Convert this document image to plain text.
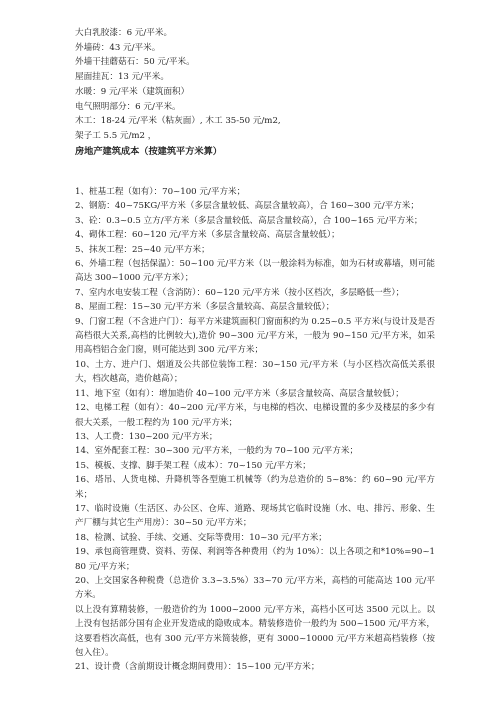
大白乳胶漆：6 元/平米。
外墙砖：43 元/平米。
外墙干挂蘑菇石：50 元/平米。
屋面挂瓦：13 元/平米。
水暖：9 元/平米（建筑面积）
电气照明部分：6 元/平米。
木工：18-24 元/平米（粘灰面）, 木工 35-50 元/m2,
架子工 5.5 元/m2 ，
房地产建筑成本（按建筑平方米算）
1、桩基工程（如有）：70~100 元/平方米；
2、钢筋：40~75KG/平方米（多层含量较低、高层含量较高），合 160~300 元/平方米；
3、砼：0.3~0.5 立方/平方米（多层含量较低、高层含量较高），合 100~165 元/平方米；
4、砌体工程：60~120 元/平方米（多层含量较高、高层含量较低）；
5、抹灰工程：25~40 元/平方米；
6、外墙工程（包括保温）：50~100 元/平方米（以一般涂料为标准，如为石材或幕墙，则可能高达 300~1000 元/平方米）；
7、室内水电安装工程（含消防）：60~120 元/平方米（按小区档次，多层略低一些）；
8、屋面工程：15~30 元/平方米（多层含量较高、高层含量较低）；
9、门窗工程（不含进户门）：每平方米建筑面积门窗面积约为 0.25~0.5 平方米(与设计及是否高档很大关系,高档的比例较大),造价 90~300 元/平方米，一般为 90~150 元/平方米，如采用高档铝合金门窗，则可能达到 300 元/平方米；
10、土方、进户门、烟道及公共部位装饰工程：30~150 元/平方米（与小区档次高低关系很大，档次越高，造价越高）；
11、地下室（如有）：增加造价 40~100 元/平方米（多层含量较高、高层含量较低）；
12、电梯工程（如有）：40~200 元/平方米，与电梯的档次、电梯设置的多少及楼层的多少有很大关系，一般工程约为 100 元/平方米；
13、人工费：130~200 元/平方米；
14、室外配套工程：30~300 元/平方米，一般约为 70~100 元/平方米；
15、模板、支撑、脚手架工程（成本）：70~150 元/平方米；
16、塔吊、人货电梯、升降机等各型施工机械等（约为总造价的 5~8%：约 60~90 元/平方米；
17、临时设施（生活区、办公区、仓库、道路、现场其它临时设施（水、电、排污、形象、生产厂棚与其它生产用房）：30~50 元/平方米；
18、检测、试验、手续、交通、交际等费用：10~30 元/平方米；
19、承包商管理费、资料、劳保、利润等各种费用（约为 10%）：以上各项之和*10%=90~180 元/平方米；
20、上交国家各种税费（总造价 3.3~3.5%）33~70 元/平方米，高档的可能高达 100 元/平方米。
以上没有算精装修，一般造价约为 1000~2000 元/平方米，高档小区可达 3500 元以上。以上没有包括部分国有企业开发造成的隐败成本。精装修造价一般约为 500~1500 元/平方米，这要看档次高低，也有 300 元/平方米简装修，更有 3000~10000 元/平方米超高档装修（按包入住）。
21、设计费（含前期设计概念期间费用）：15~100 元/平方米；
